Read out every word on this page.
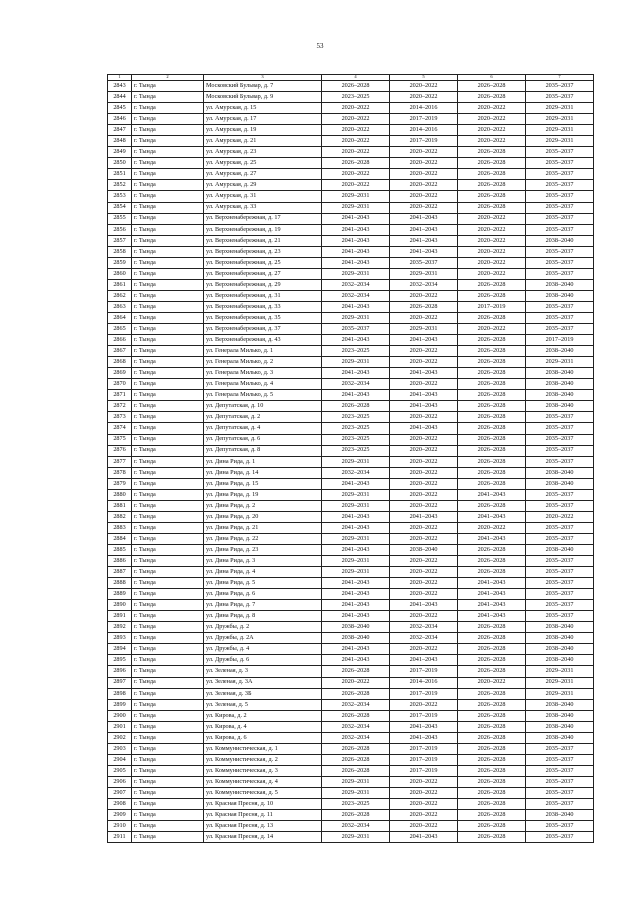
53
1	2	3	4	5	6	7
2843	г. Тында	Московский Бульвар, д. 7	2026–2028	2020–2022	2026–2028	2035–2037
2844	г. Тында	Московский Бульвар, д. 9	2023–2025	2020–2022	2026–2028	2035–2037
2845	г. Тында	ул. Амурская, д. 15	2020–2022	2014–2016	2020–2022	2029–2031
2846	г. Тында	ул. Амурская, д. 17	2020–2022	2017–2019	2020–2022	2029–2031
2847	г. Тында	ул. Амурская, д. 19	2020–2022	2014–2016	2020–2022	2029–2031
2848	г. Тында	ул. Амурская, д. 21	2020–2022	2017–2019	2020–2022	2029–2031
2849	г. Тында	ул. Амурская, д. 23	2020–2022	2020–2022	2026–2028	2035–2037
2850	г. Тында	ул. Амурская, д. 25	2026–2028	2020–2022	2026–2028	2035–2037
2851	г. Тында	ул. Амурская, д. 27	2020–2022	2020–2022	2026–2028	2035–2037
2852	г. Тында	ул. Амурская, д. 29	2020–2022	2020–2022	2026–2028	2035–2037
2853	г. Тында	ул. Амурская, д. 31	2029–2031	2020–2022	2026–2028	2035–2037
2854	г. Тында	ул. Амурская, д. 33	2029–2031	2020–2022	2026–2028	2035–2037
2855	г. Тында	ул. Верхненабережная, д. 17	2041–2043	2041–2043	2020–2022	2035–2037
2856	г. Тында	ул. Верхненабережная, д. 19	2041–2043	2041–2043	2020–2022	2035–2037
2857	г. Тында	ул. Верхненабережная, д. 21	2041–2043	2041–2043	2020–2022	2038–2040
2858	г. Тында	ул. Верхненабережная, д. 23	2041–2043	2041–2043	2020–2022	2035–2037
2859	г. Тында	ул. Верхненабережная, д. 25	2041–2043	2035–2037	2020–2022	2035–2037
2860	г. Тында	ул. Верхненабережная, д. 27	2029–2031	2029–2031	2020–2022	2035–2037
2861	г. Тында	ул. Верхненабережная, д. 29	2032–2034	2032–2034	2026–2028	2038–2040
2862	г. Тында	ул. Верхненабережная, д. 31	2032–2034	2020–2022	2026–2028	2038–2040
2863	г. Тында	ул. Верхненабережная, д. 33	2041–2043	2026–2028	2017–2019	2035–2037
2864	г. Тында	ул. Верхненабережная, д. 35	2029–2031	2020–2022	2026–2028	2035–2037
2865	г. Тында	ул. Верхненабережная, д. 37	2035–2037	2029–2031	2020–2022	2035–2037
2866	г. Тында	ул. Верхненабережная, д. 43	2041–2043	2041–2043	2026–2028	2017–2019
2867	г. Тында	ул. Генерала Милько, д. 1	2023–2025	2020–2022	2026–2028	2038–2040
2868	г. Тында	ул. Генерала Милько, д. 2	2029–2031	2020–2022	2026–2028	2029–2031
2869	г. Тында	ул. Генерала Милько, д. 3	2041–2043	2041–2043	2026–2028	2038–2040
2870	г. Тында	ул. Генерала Милько, д. 4	2032–2034	2020–2022	2026–2028	2038–2040
2871	г. Тында	ул. Генерала Милько, д. 5	2041–2043	2041–2043	2026–2028	2038–2040
2872	г. Тында	ул. Депутатская, д. 10	2026–2028	2041–2043	2026–2028	2038–2040
2873	г. Тында	ул. Депутатская, д. 2	2023–2025	2020–2022	2026–2028	2035–2037
2874	г. Тында	ул. Депутатская, д. 4	2023–2025	2041–2043	2026–2028	2035–2037
2875	г. Тында	ул. Депутатская, д. 6	2023–2025	2020–2022	2026–2028	2035–2037
2876	г. Тында	ул. Депутатская, д. 8	2023–2025	2020–2022	2026–2028	2035–2037
2877	г. Тында	ул. Дина Рида, д. 1	2029–2031	2020–2022	2026–2028	2035–2037
2878	г. Тында	ул. Дина Рида, д. 14	2032–2034	2020–2022	2026–2028	2038–2040
2879	г. Тында	ул. Дина Рида, д. 15	2041–2043	2020–2022	2026–2028	2038–2040
2880	г. Тында	ул. Дина Рида, д. 19	2029–2031	2020–2022	2041–2043	2035–2037
2881	г. Тында	ул. Дина Рида, д. 2	2029–2031	2020–2022	2026–2028	2035–2037
2882	г. Тында	ул. Дина Рида, д. 20	2041–2043	2041–2043	2041–2043	2020–2022
2883	г. Тында	ул. Дина Рида, д. 21	2041–2043	2020–2022	2020–2022	2035–2037
2884	г. Тында	ул. Дина Рида, д. 22	2029–2031	2020–2022	2041–2043	2035–2037
2885	г. Тында	ул. Дина Рида, д. 23	2041–2043	2038–2040	2026–2028	2038–2040
2886	г. Тында	ул. Дина Рида, д. 3	2029–2031	2020–2022	2026–2028	2035–2037
2887	г. Тында	ул. Дина Рида, д. 4	2029–2031	2020–2022	2026–2028	2035–2037
2888	г. Тында	ул. Дина Рида, д. 5	2041–2043	2020–2022	2041–2043	2035–2037
2889	г. Тында	ул. Дина Рида, д. 6	2041–2043	2020–2022	2041–2043	2035–2037
2890	г. Тында	ул. Дина Рида, д. 7	2041–2043	2041–2043	2041–2043	2035–2037
2891	г. Тында	ул. Дина Рида, д. 8	2041–2043	2020–2022	2041–2043	2035–2037
2892	г. Тында	ул. Дружбы, д. 2	2038–2040	2032–2034	2026–2028	2038–2040
2893	г. Тында	ул. Дружбы, д. 2А	2038–2040	2032–2034	2026–2028	2038–2040
2894	г. Тында	ул. Дружбы, д. 4	2041–2043	2020–2022	2026–2028	2038–2040
2895	г. Тында	ул. Дружбы, д. 6	2041–2043	2041–2043	2026–2028	2038–2040
2896	г. Тында	ул. Зеленая, д. 3	2026–2028	2017–2019	2026–2028	2029–2031
2897	г. Тында	ул. Зеленая, д. 3А	2020–2022	2014–2016	2020–2022	2029–2031
2898	г. Тында	ул. Зеленая, д. 3Б	2026–2028	2017–2019	2026–2028	2029–2031
2899	г. Тында	ул. Зеленая, д. 5	2032–2034	2020–2022	2026–2028	2038–2040
2900	г. Тында	ул. Кирова, д. 2	2026–2028	2017–2019	2026–2028	2038–2040
2901	г. Тында	ул. Кирова, д. 4	2032–2034	2041–2043	2026–2028	2038–2040
2902	г. Тында	ул. Кирова, д. 6	2032–2034	2041–2043	2026–2028	2038–2040
2903	г. Тында	ул. Коммунистическая, д. 1	2026–2028	2017–2019	2026–2028	2035–2037
2904	г. Тында	ул. Коммунистическая, д. 2	2026–2028	2017–2019	2026–2028	2035–2037
2905	г. Тында	ул. Коммунистическая, д. 3	2026–2028	2017–2019	2026–2028	2035–2037
2906	г. Тында	ул. Коммунистическая, д. 4	2029–2031	2020–2022	2026–2028	2035–2037
2907	г. Тында	ул. Коммунистическая, д. 5	2029–2031	2020–2022	2026–2028	2035–2037
2908	г. Тында	ул. Красная Пресня, д. 10	2023–2025	2020–2022	2026–2028	2035–2037
2909	г. Тында	ул. Красная Пресня, д. 11	2026–2028	2020–2022	2026–2028	2038–2040
2910	г. Тында	ул. Красная Пресня, д. 13	2032–2034	2020–2022	2026–2028	2035–2037
2911	г. Тында	ул. Красная Пресня, д. 14	2029–2031	2041–2043	2026–2028	2035–2037
